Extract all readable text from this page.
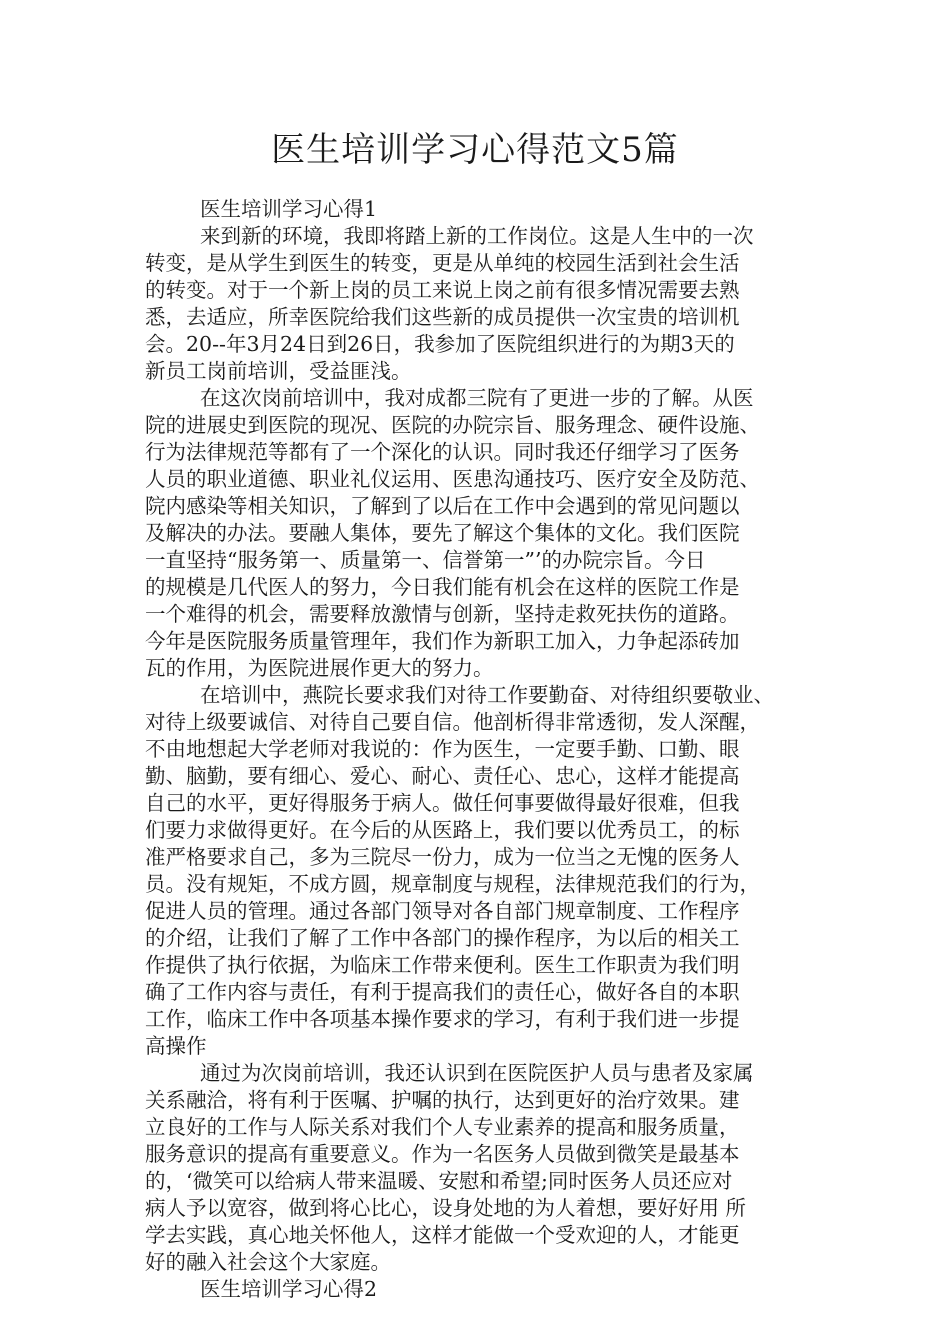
医生培训学习心得范文5篇
医生培训学习心得1
来到新的环境，我即将踏上新的工作岗位。这是人生中的一次
转变，是从学生到医生的转变，更是从单纯的校园生活到社会生活
的转变。对于一个新上岗的员工来说上岗之前有很多情况需要去熟
悉，去适应，所幸医院给我们这些新的成员提供一次宝贵的培训机
会。20--年3月24日到26日，我参加了医院组织进行的为期3天的
新员工岗前培训，受益匪浅。
在这次岗前培训中，我对成都三院有了更进一步的了解。从医
院的进展史到医院的现况、医院的办院宗旨、服务理念、硬件设施、
行为法律规范等都有了一个深化的认识。同时我还仔细学习了医务
人员的职业道德、职业礼仪运用、医患沟通技巧、医疗安全及防范、
院内感染等相关知识，了解到了以后在工作中会遇到的常见问题以
及解决的办法。要融人集体，要先了解这个集体的文化。我们医院
一直坚持“服务第一、质量第一、信誉第一”’的办院宗旨。今日
的规模是几代医人的努力，今日我们能有机会在这样的医院工作是
一个难得的机会，需要释放激情与创新，坚持走救死扶伤的道路。
今年是医院服务质量管理年，我们作为新职工加入，力争起添砖加
瓦的作用，为医院进展作更大的努力。
在培训中，燕院长要求我们对待工作要勤奋、对待组织要敬业、
对待上级要诚信、对待自己要自信。他剖析得非常透彻，发人深醒，
不由地想起大学老师对我说的：作为医生，一定要手勤、口勤、眼
勤、脑勤，要有细心、爱心、耐心、责任心、忠心，这样才能提高
自己的水平，更好得服务于病人。做任何事要做得最好很难，但我
们要力求做得更好。在今后的从医路上，我们要以优秀员工，的标
准严格要求自己，多为三院尽一份力，成为一位当之无愧的医务人
员。没有规矩，不成方圆，规章制度与规程，法律规范我们的行为，
促进人员的管理。通过各部门领导对各自部门规章制度、工作程序
的介绍，让我们了解了工作中各部门的操作程序，为以后的相关工
作提供了执行依据，为临床工作带来便利。医生工作职责为我们明
确了工作内容与责任，有利于提高我们的责任心，做好各自的本职
工作，临床工作中各项基本操作要求的学习，有利于我们进一步提
高操作
通过为次岗前培训，我还认识到在医院医护人员与患者及家属
关系融洽，将有利于医嘱、护嘱的执行，达到更好的治疗效果。建
立良好的工作与人际关系对我们个人专业素养的提高和服务质量，
服务意识的提高有重要意义。作为一名医务人员做到微笑是最基本
的，‘微笑可以给病人带来温暖、安慰和希望;同时医务人员还应对
病人予以宽容，做到将心比心，设身处地的为人着想，要好好用 所
学去实践，真心地关怀他人，这样才能做一个受欢迎的人，才能更
好的融入社会这个大家庭。
医生培训学习心得2
